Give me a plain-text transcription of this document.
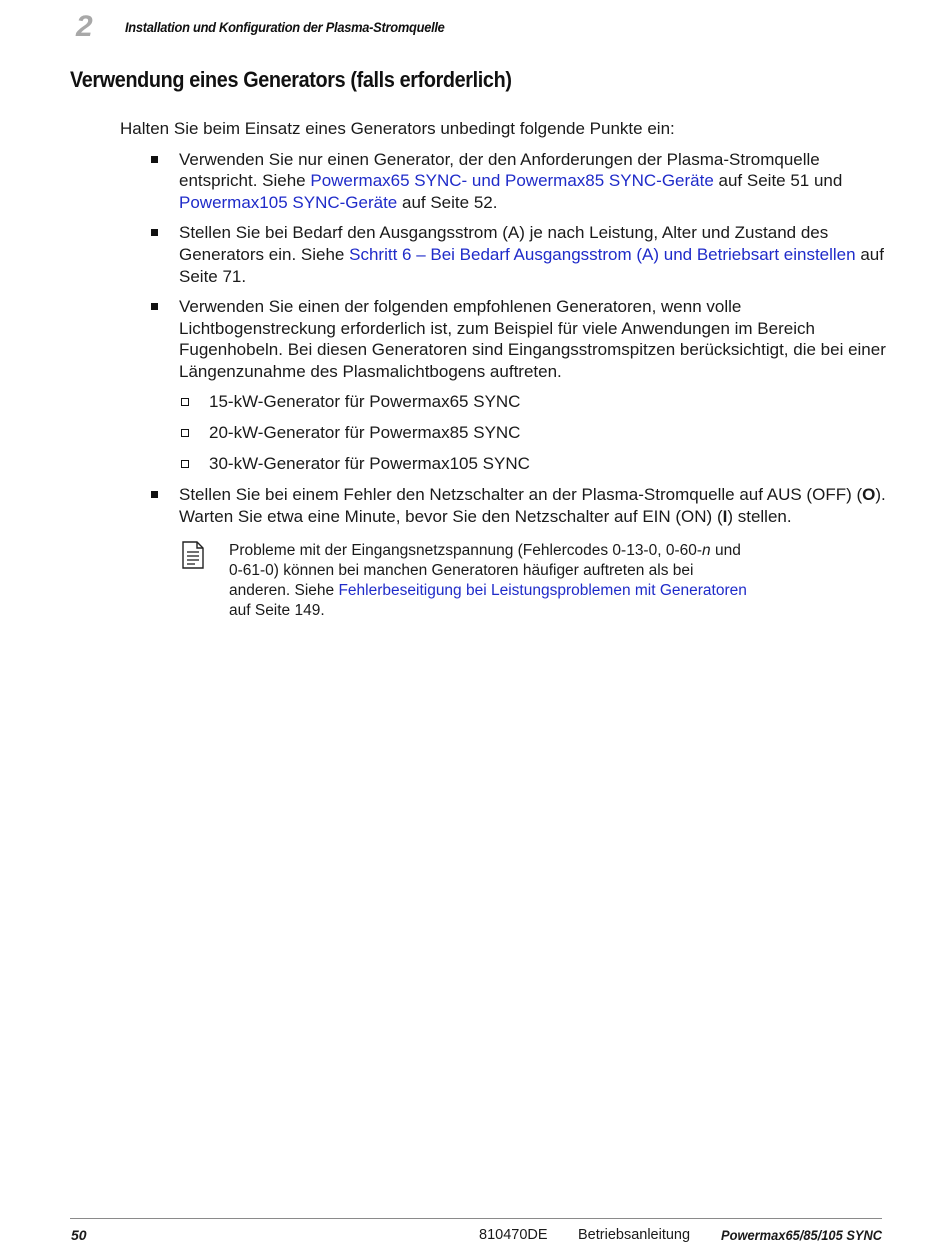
2 Installation und Konfiguration der Plasma-Stromquelle
Verwendung eines Generators (falls erforderlich)

Halten Sie beim Einsatz eines Generators unbedingt folgende Punkte ein:

Verwenden Sie nur einen Generator, der den Anforderungen der Plasma-Stromquelle entspricht. Siehe Powermax65 SYNC- und Powermax85 SYNC-Geräte auf Seite 51 und Powermax105 SYNC-Geräte auf Seite 52.
Stellen Sie bei Bedarf den Ausgangsstrom (A) je nach Leistung, Alter und Zustand des Generators ein. Siehe Schritt 6 – Bei Bedarf Ausgangsstrom (A) und Betriebsart einstellen auf Seite 71.
Verwenden Sie einen der folgenden empfohlenen Generatoren, wenn volle Lichtbogenstreckung erforderlich ist, zum Beispiel für viele Anwendungen im Bereich Fugenhobeln. Bei diesen Generatoren sind Eingangsstromspitzen berücksichtigt, die bei einer Längenzunahme des Plasmalichtbogens auftreten.
15-kW-Generator für Powermax65 SYNC
20-kW-Generator für Powermax85 SYNC
30-kW-Generator für Powermax105 SYNC
Stellen Sie bei einem Fehler den Netzschalter an der Plasma-Stromquelle auf AUS (OFF) (O). Warten Sie etwa eine Minute, bevor Sie den Netzschalter auf EIN (ON) (I) stellen.
Probleme mit der Eingangsnetzspannung (Fehlercodes 0-13-0, 0-60-n und 0-61-0) können bei manchen Generatoren häufiger auftreten als bei anderen. Siehe Fehlerbeseitigung bei Leistungsproblemen mit Generatoren auf Seite 149.
50	810470DE Betriebsanleitung Powermax65/85/105 SYNC
